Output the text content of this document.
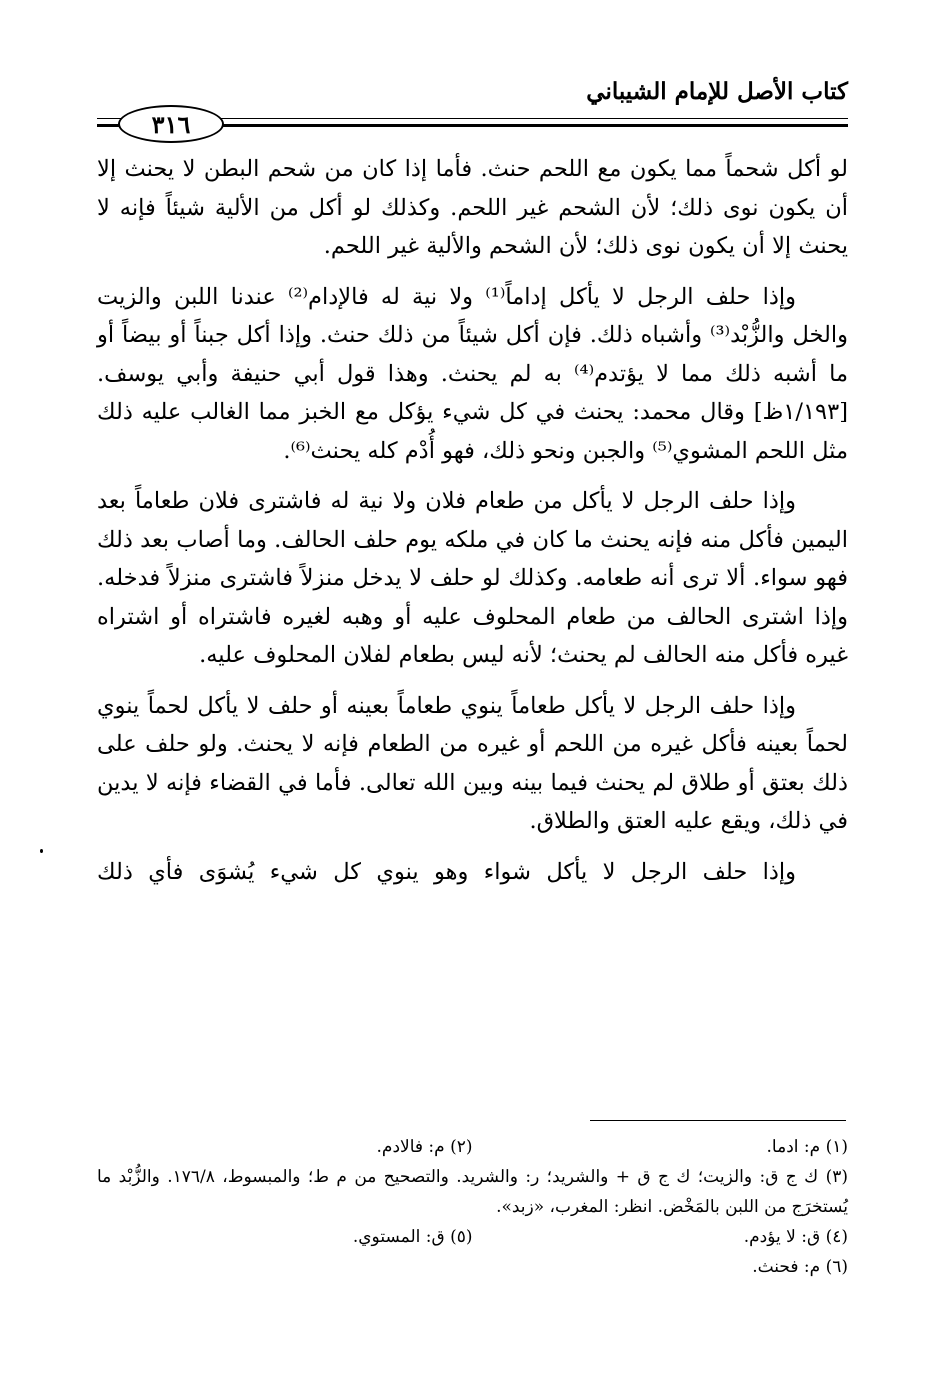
كتاب الأصل للإمام الشيباني
٣١٦

لو أكل شحماً مما يكون مع اللحم حنث. فأما إذا كان من شحم البطن لا يحنث إلا أن يكون نوى ذلك؛ لأن الشحم غير اللحم. وكذلك لو أكل من الألية شيئاً فإنه لا يحنث إلا أن يكون نوى ذلك؛ لأن الشحم والألية غير اللحم.

وإذا حلف الرجل لا يأكل إداماً⁽¹⁾ ولا نية له فالإدام⁽²⁾ عندنا اللبن والزيت والخل والزُّبْد⁽³⁾ وأشباه ذلك. فإن أكل شيئاً من ذلك حنث. وإذا أكل جبناً أو بيضاً أو ما أشبه ذلك مما لا يؤتدم⁽⁴⁾ به لم يحنث. وهذا قول أبي حنيفة وأبي يوسف. [١/١٩٣ظ] وقال محمد: يحنث في كل شيء يؤكل مع الخبز مما الغالب عليه ذلك مثل اللحم المشوي⁽⁵⁾ والجبن ونحو ذلك، فهو أُدْم كله يحنث⁽⁶⁾.

وإذا حلف الرجل لا يأكل من طعام فلان ولا نية له فاشترى فلان طعاماً بعد اليمين فأكل منه فإنه يحنث ما كان في ملكه يوم حلف الحالف. وما أصاب بعد ذلك فهو سواء. ألا ترى أنه طعامه. وكذلك لو حلف لا يدخل منزلاً فاشترى منزلاً فدخله. وإذا اشترى الحالف من طعام المحلوف عليه أو وهبه لغيره فاشتراه أو اشتراه غيره فأكل منه الحالف لم يحنث؛ لأنه ليس بطعام لفلان المحلوف عليه.

وإذا حلف الرجل لا يأكل طعاماً ينوي طعاماً بعينه أو حلف لا يأكل لحماً ينوي لحماً بعينه فأكل غيره من اللحم أو غيره من الطعام فإنه لا يحنث. ولو حلف على ذلك بعتق أو طلاق لم يحنث فيما بينه وبين الله تعالى. فأما في القضاء فإنه لا يدين في ذلك، ويقع عليه العتق والطلاق.

وإذا حلف الرجل لا يأكل شواء وهو ينوي كل شيء يُشوَى فأي ذلك

(١) م: ادما.
(٢) م: فالادم.
(٣) ك ج ق: والزيت؛ ك ج ق + والشريد؛ ر: والشريد. والتصحيح من م ط؛ والمبسوط، ١٧٦/٨. والزُّبْد ما يُستخرَج من اللبن بالمَخْض. انظر: المغرب، «زبد».
(٤) ق: لا يؤدم.
(٥) ق: المستوي.
(٦) م: فحنث.
